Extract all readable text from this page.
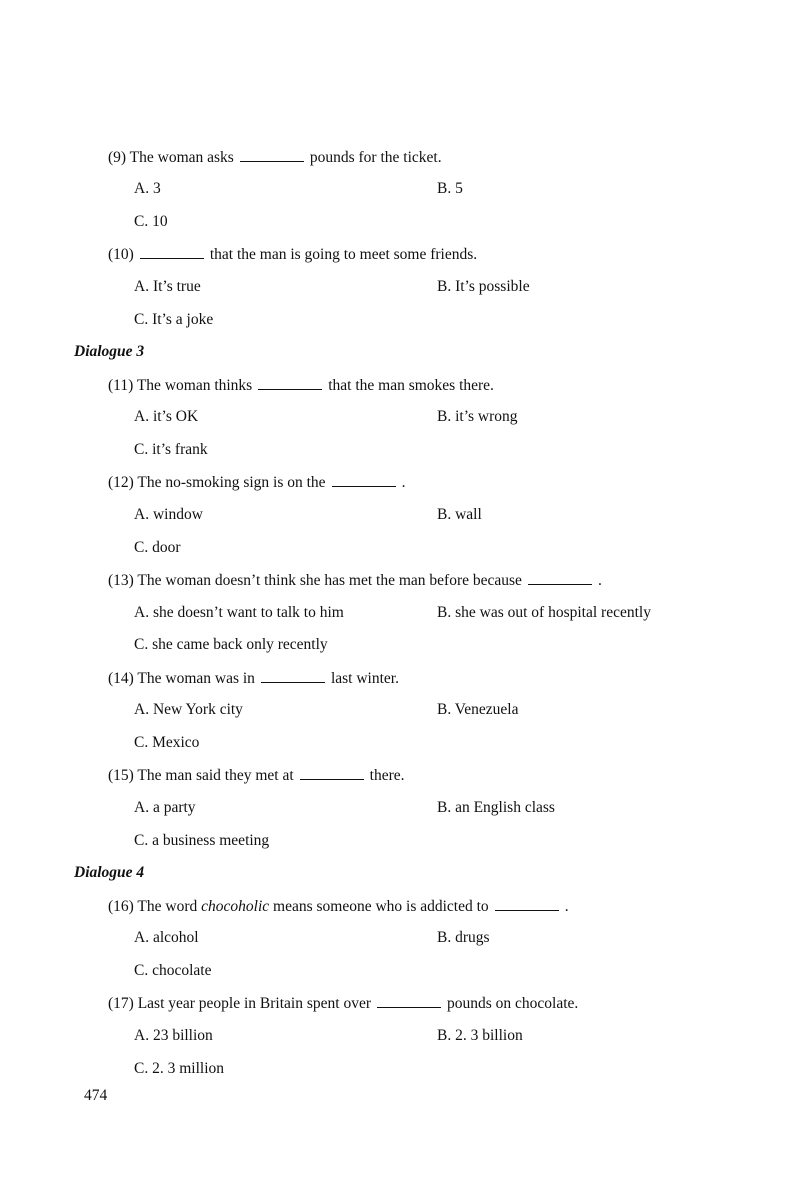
(9) The woman asks	pounds for the ticket.
A. 3	B. 5
C. 10
(10)	that the man is going to meet some friends.
A. It’s true	B. It’s possible
C. It’s a joke
Dialogue 3
(11) The woman thinks	that the man smokes there.
A. it’s OK	B. it’s wrong
C. it’s frank
(12) The no-smoking sign is on the	.
A. window	B. wall
C. door
(13) The woman doesn’t think she has met the man before because	.
A. she doesn’t want to talk to him	B. she was out of hospital recently
C. she came back only recently
(14) The woman was in	last winter.
A. New York city	B. Venezuela
C. Mexico
(15) The man said they met at	there.
A. a party	B. an English class
C. a business meeting
Dialogue 4
(16) The word chocoholic means someone who is addicted to	.
A. alcohol	B. drugs
C. chocolate
(17) Last year people in Britain spent over	pounds on chocolate.
A. 23 billion	B. 2. 3 billion
C. 2. 3 million
474
